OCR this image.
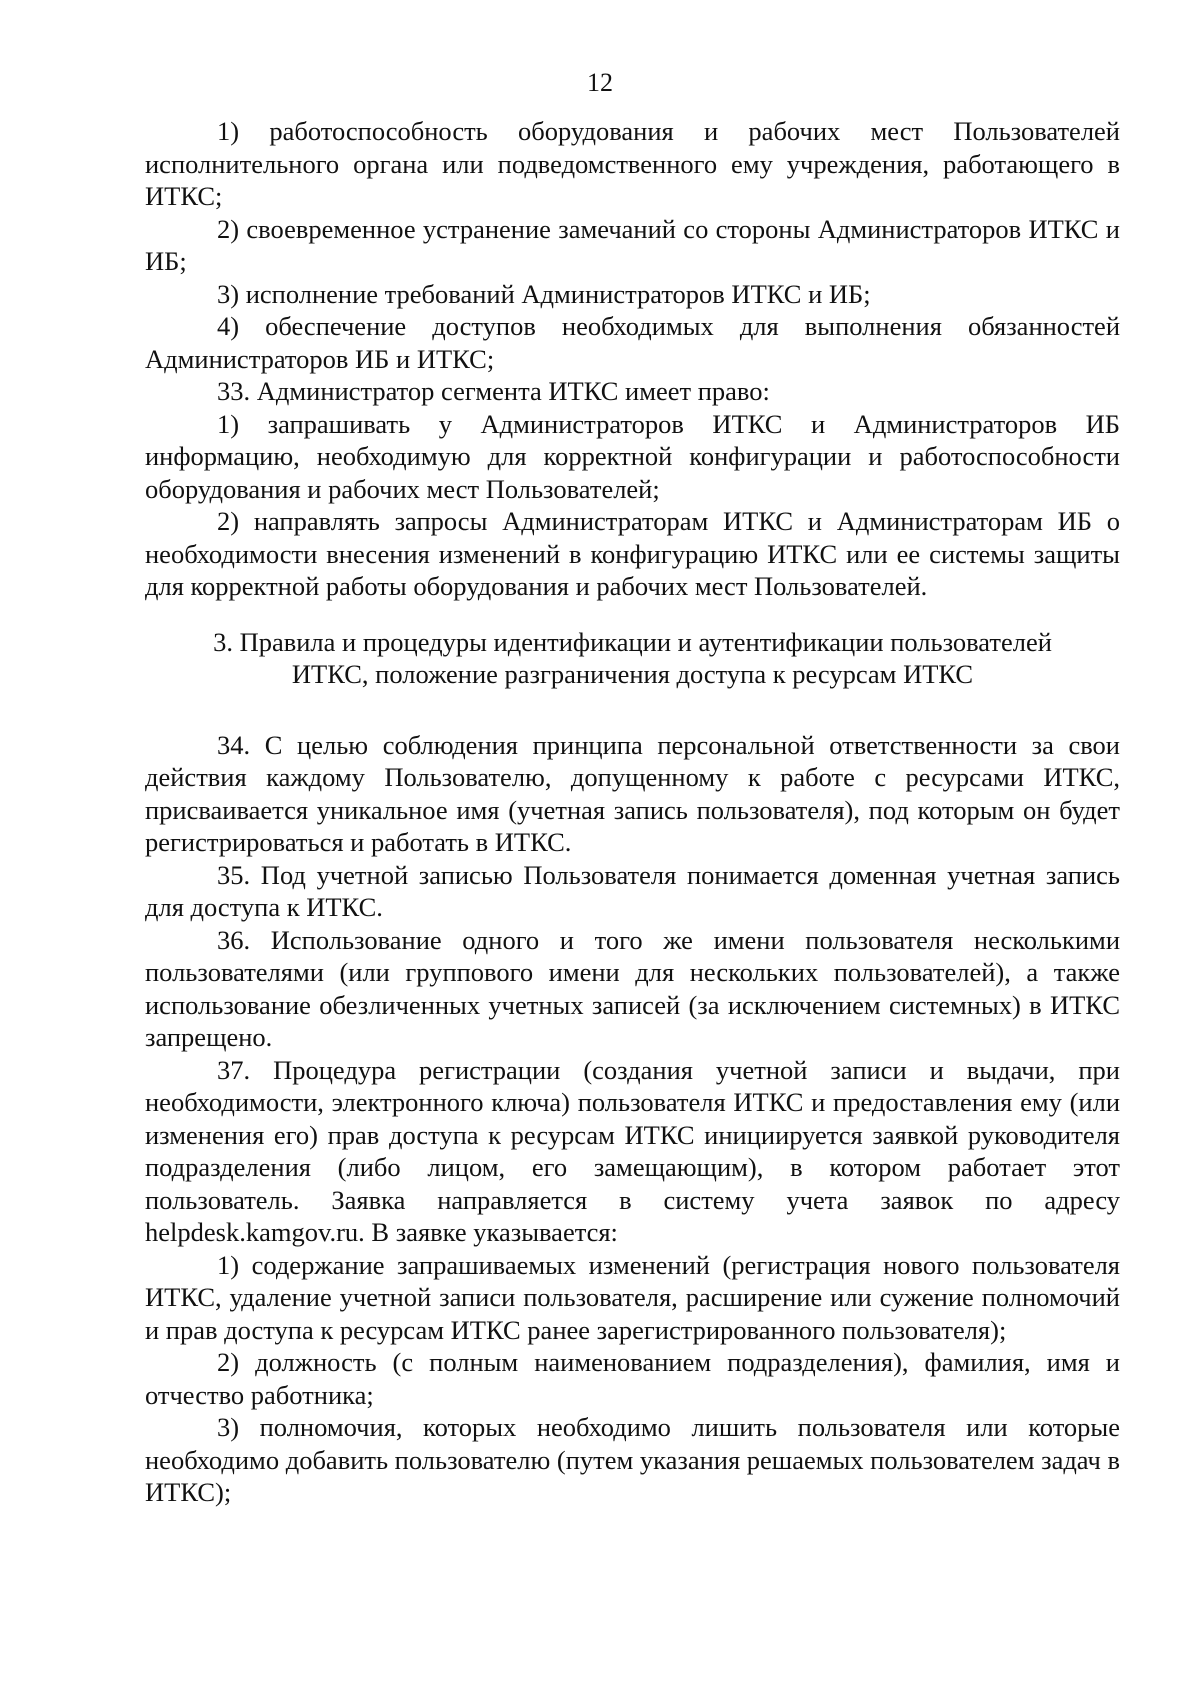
12

1) работоспособность оборудования и рабочих мест Пользователей исполнительного органа или подведомственного ему учреждения, работающего в ИТКС;

2) своевременное устранение замечаний со стороны Администраторов ИТКС и ИБ;

3) исполнение требований Администраторов ИТКС и ИБ;

4) обеспечение доступов необходимых для выполнения обязанностей Администраторов ИБ и ИТКС;

33. Администратор сегмента ИТКС имеет право:

1) запрашивать у Администраторов ИТКС и Администраторов ИБ информацию, необходимую для корректной конфигурации и работоспособности оборудования и рабочих мест Пользователей;

2) направлять запросы Администраторам ИТКС и Администраторам ИБ о необходимости внесения изменений в конфигурацию ИТКС или ее системы защиты для корректной работы оборудования и рабочих мест Пользователей.

3. Правила и процедуры идентификации и аутентификации пользователей
ИТКС, положение разграничения доступа к ресурсам ИТКС

34. С целью соблюдения принципа персональной ответственности за свои действия каждому Пользователю, допущенному к работе с ресурсами ИТКС, присваивается уникальное имя (учетная запись пользователя), под которым он будет регистрироваться и работать в ИТКС.

35. Под учетной записью Пользователя понимается доменная учетная запись для доступа к ИТКС.

36. Использование одного и того же имени пользователя несколькими пользователями (или группового имени для нескольких пользователей), а также использование обезличенных учетных записей (за исключением системных) в ИТКС запрещено.

37. Процедура регистрации (создания учетной записи и выдачи, при необходимости, электронного ключа) пользователя ИТКС и предоставления ему (или изменения его) прав доступа к ресурсам ИТКС инициируется заявкой руководителя подразделения (либо лицом, его замещающим), в котором работает этот пользователь. Заявка направляется в систему учета заявок по адресу helpdesk.kamgov.ru. В заявке указывается:

1) содержание запрашиваемых изменений (регистрация нового пользователя ИТКС, удаление учетной записи пользователя, расширение или сужение полномочий и прав доступа к ресурсам ИТКС ранее зарегистрированного пользователя);

2) должность (с полным наименованием подразделения), фамилия, имя и отчество работника;

3) полномочия, которых необходимо лишить пользователя или которые необходимо добавить пользователю (путем указания решаемых пользователем задач в ИТКС);
